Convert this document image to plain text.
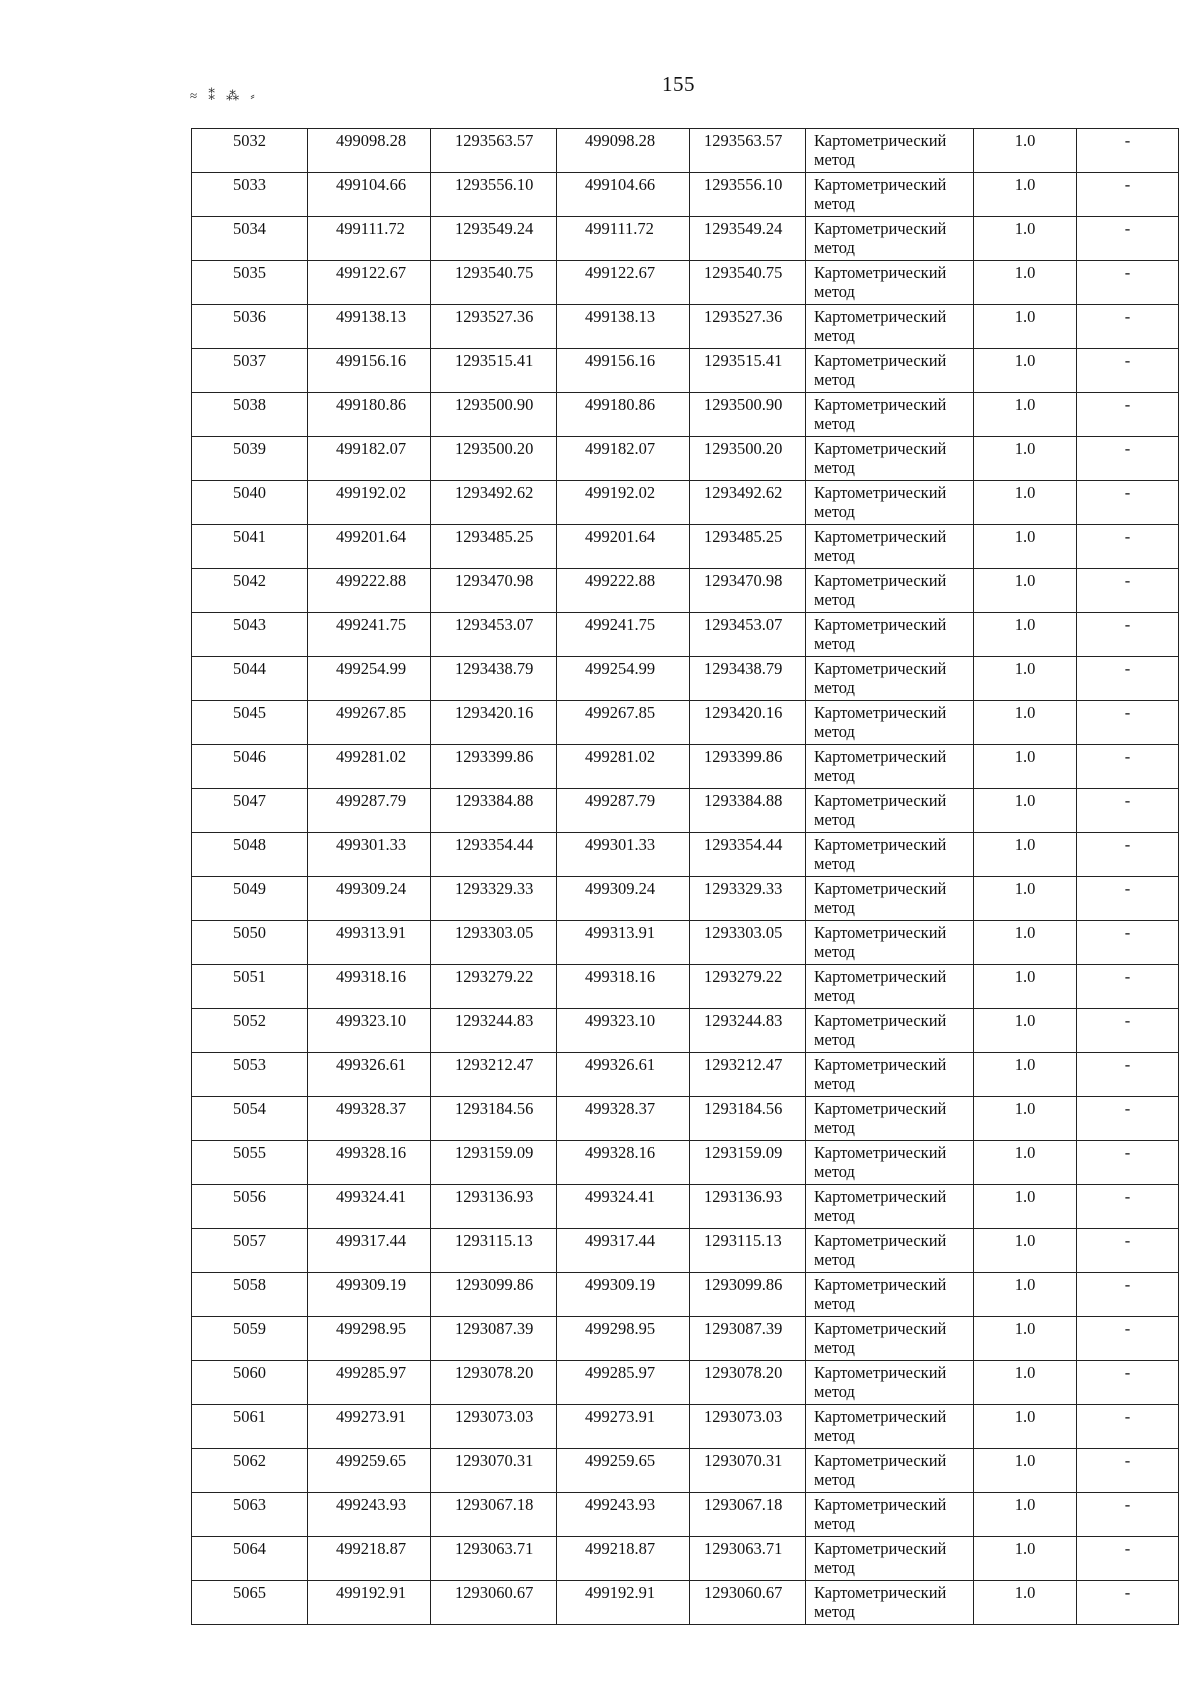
155
≈ ⁑ ⁂ ⸗
5032	499098.28	1293563.57	499098.28	1293563.57	Картометрический метод	1.0	-
5033	499104.66	1293556.10	499104.66	1293556.10	Картометрический метод	1.0	-
5034	499111.72	1293549.24	499111.72	1293549.24	Картометрический метод	1.0	-
5035	499122.67	1293540.75	499122.67	1293540.75	Картометрический метод	1.0	-
5036	499138.13	1293527.36	499138.13	1293527.36	Картометрический метод	1.0	-
5037	499156.16	1293515.41	499156.16	1293515.41	Картометрический метод	1.0	-
5038	499180.86	1293500.90	499180.86	1293500.90	Картометрический метод	1.0	-
5039	499182.07	1293500.20	499182.07	1293500.20	Картометрический метод	1.0	-
5040	499192.02	1293492.62	499192.02	1293492.62	Картометрический метод	1.0	-
5041	499201.64	1293485.25	499201.64	1293485.25	Картометрический метод	1.0	-
5042	499222.88	1293470.98	499222.88	1293470.98	Картометрический метод	1.0	-
5043	499241.75	1293453.07	499241.75	1293453.07	Картометрический метод	1.0	-
5044	499254.99	1293438.79	499254.99	1293438.79	Картометрический метод	1.0	-
5045	499267.85	1293420.16	499267.85	1293420.16	Картометрический метод	1.0	-
5046	499281.02	1293399.86	499281.02	1293399.86	Картометрический метод	1.0	-
5047	499287.79	1293384.88	499287.79	1293384.88	Картометрический метод	1.0	-
5048	499301.33	1293354.44	499301.33	1293354.44	Картометрический метод	1.0	-
5049	499309.24	1293329.33	499309.24	1293329.33	Картометрический метод	1.0	-
5050	499313.91	1293303.05	499313.91	1293303.05	Картометрический метод	1.0	-
5051	499318.16	1293279.22	499318.16	1293279.22	Картометрический метод	1.0	-
5052	499323.10	1293244.83	499323.10	1293244.83	Картометрический метод	1.0	-
5053	499326.61	1293212.47	499326.61	1293212.47	Картометрический метод	1.0	-
5054	499328.37	1293184.56	499328.37	1293184.56	Картометрический метод	1.0	-
5055	499328.16	1293159.09	499328.16	1293159.09	Картометрический метод	1.0	-
5056	499324.41	1293136.93	499324.41	1293136.93	Картометрический метод	1.0	-
5057	499317.44	1293115.13	499317.44	1293115.13	Картометрический метод	1.0	-
5058	499309.19	1293099.86	499309.19	1293099.86	Картометрический метод	1.0	-
5059	499298.95	1293087.39	499298.95	1293087.39	Картометрический метод	1.0	-
5060	499285.97	1293078.20	499285.97	1293078.20	Картометрический метод	1.0	-
5061	499273.91	1293073.03	499273.91	1293073.03	Картометрический метод	1.0	-
5062	499259.65	1293070.31	499259.65	1293070.31	Картометрический метод	1.0	-
5063	499243.93	1293067.18	499243.93	1293067.18	Картометрический метод	1.0	-
5064	499218.87	1293063.71	499218.87	1293063.71	Картометрический метод	1.0	-
5065	499192.91	1293060.67	499192.91	1293060.67	Картометрический метод	1.0	-
